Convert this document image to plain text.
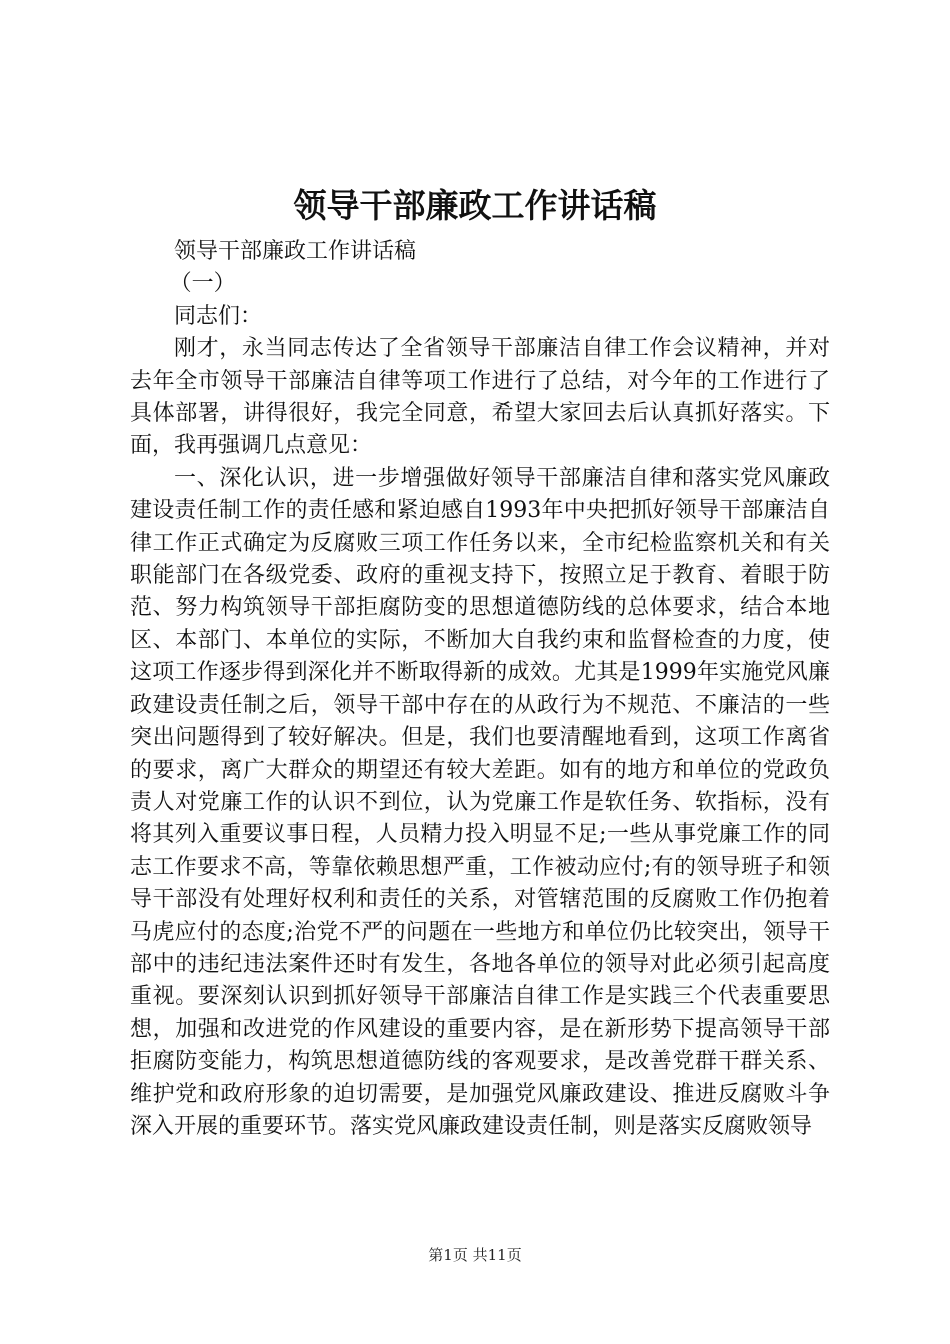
领导干部廉政工作讲话稿

领导干部廉政工作讲话稿

（一）

同志们：

刚才，永当同志传达了全省领导干部廉洁自律工作会议精神，并对去年全市领导干部廉洁自律等项工作进行了总结，对今年的工作进行了具体部署，讲得很好，我完全同意，希望大家回去后认真抓好落实。下面，我再强调几点意见：

一、深化认识，进一步增强做好领导干部廉洁自律和落实党风廉政建设责任制工作的责任感和紧迫感自1993年中央把抓好领导干部廉洁自律工作正式确定为反腐败三项工作任务以来，全市纪检监察机关和有关职能部门在各级党委、政府的重视支持下，按照立足于教育、着眼于防范、努力构筑领导干部拒腐防变的思想道德防线的总体要求，结合本地区、本部门、本单位的实际，不断加大自我约束和监督检查的力度，使这项工作逐步得到深化并不断取得新的成效。尤其是1999年实施党风廉政建设责任制之后，领导干部中存在的从政行为不规范、不廉洁的一些突出问题得到了较好解决。但是，我们也要清醒地看到，这项工作离省的要求，离广大群众的期望还有较大差距。如有的地方和单位的党政负责人对党廉工作的认识不到位，认为党廉工作是软任务、软指标，没有将其列入重要议事日程，人员精力投入明显不足;一些从事党廉工作的同志工作要求不高，等靠依赖思想严重，工作被动应付;有的领导班子和领导干部没有处理好权利和责任的关系，对管辖范围的反腐败工作仍抱着马虎应付的态度;治党不严的问题在一些地方和单位仍比较突出，领导干部中的违纪违法案件还时有发生，各地各单位的领导对此必须引起高度重视。要深刻认识到抓好领导干部廉洁自律工作是实践三个代表重要思想，加强和改进党的作风建设的重要内容，是在新形势下提高领导干部拒腐防变能力，构筑思想道德防线的客观要求，是改善党群干群关系、维护党和政府形象的迫切需要，是加强党风廉政建设、推进反腐败斗争深入开展的重要环节。落实党风廉政建设责任制，则是落实反腐败领导

第1页 共11页
